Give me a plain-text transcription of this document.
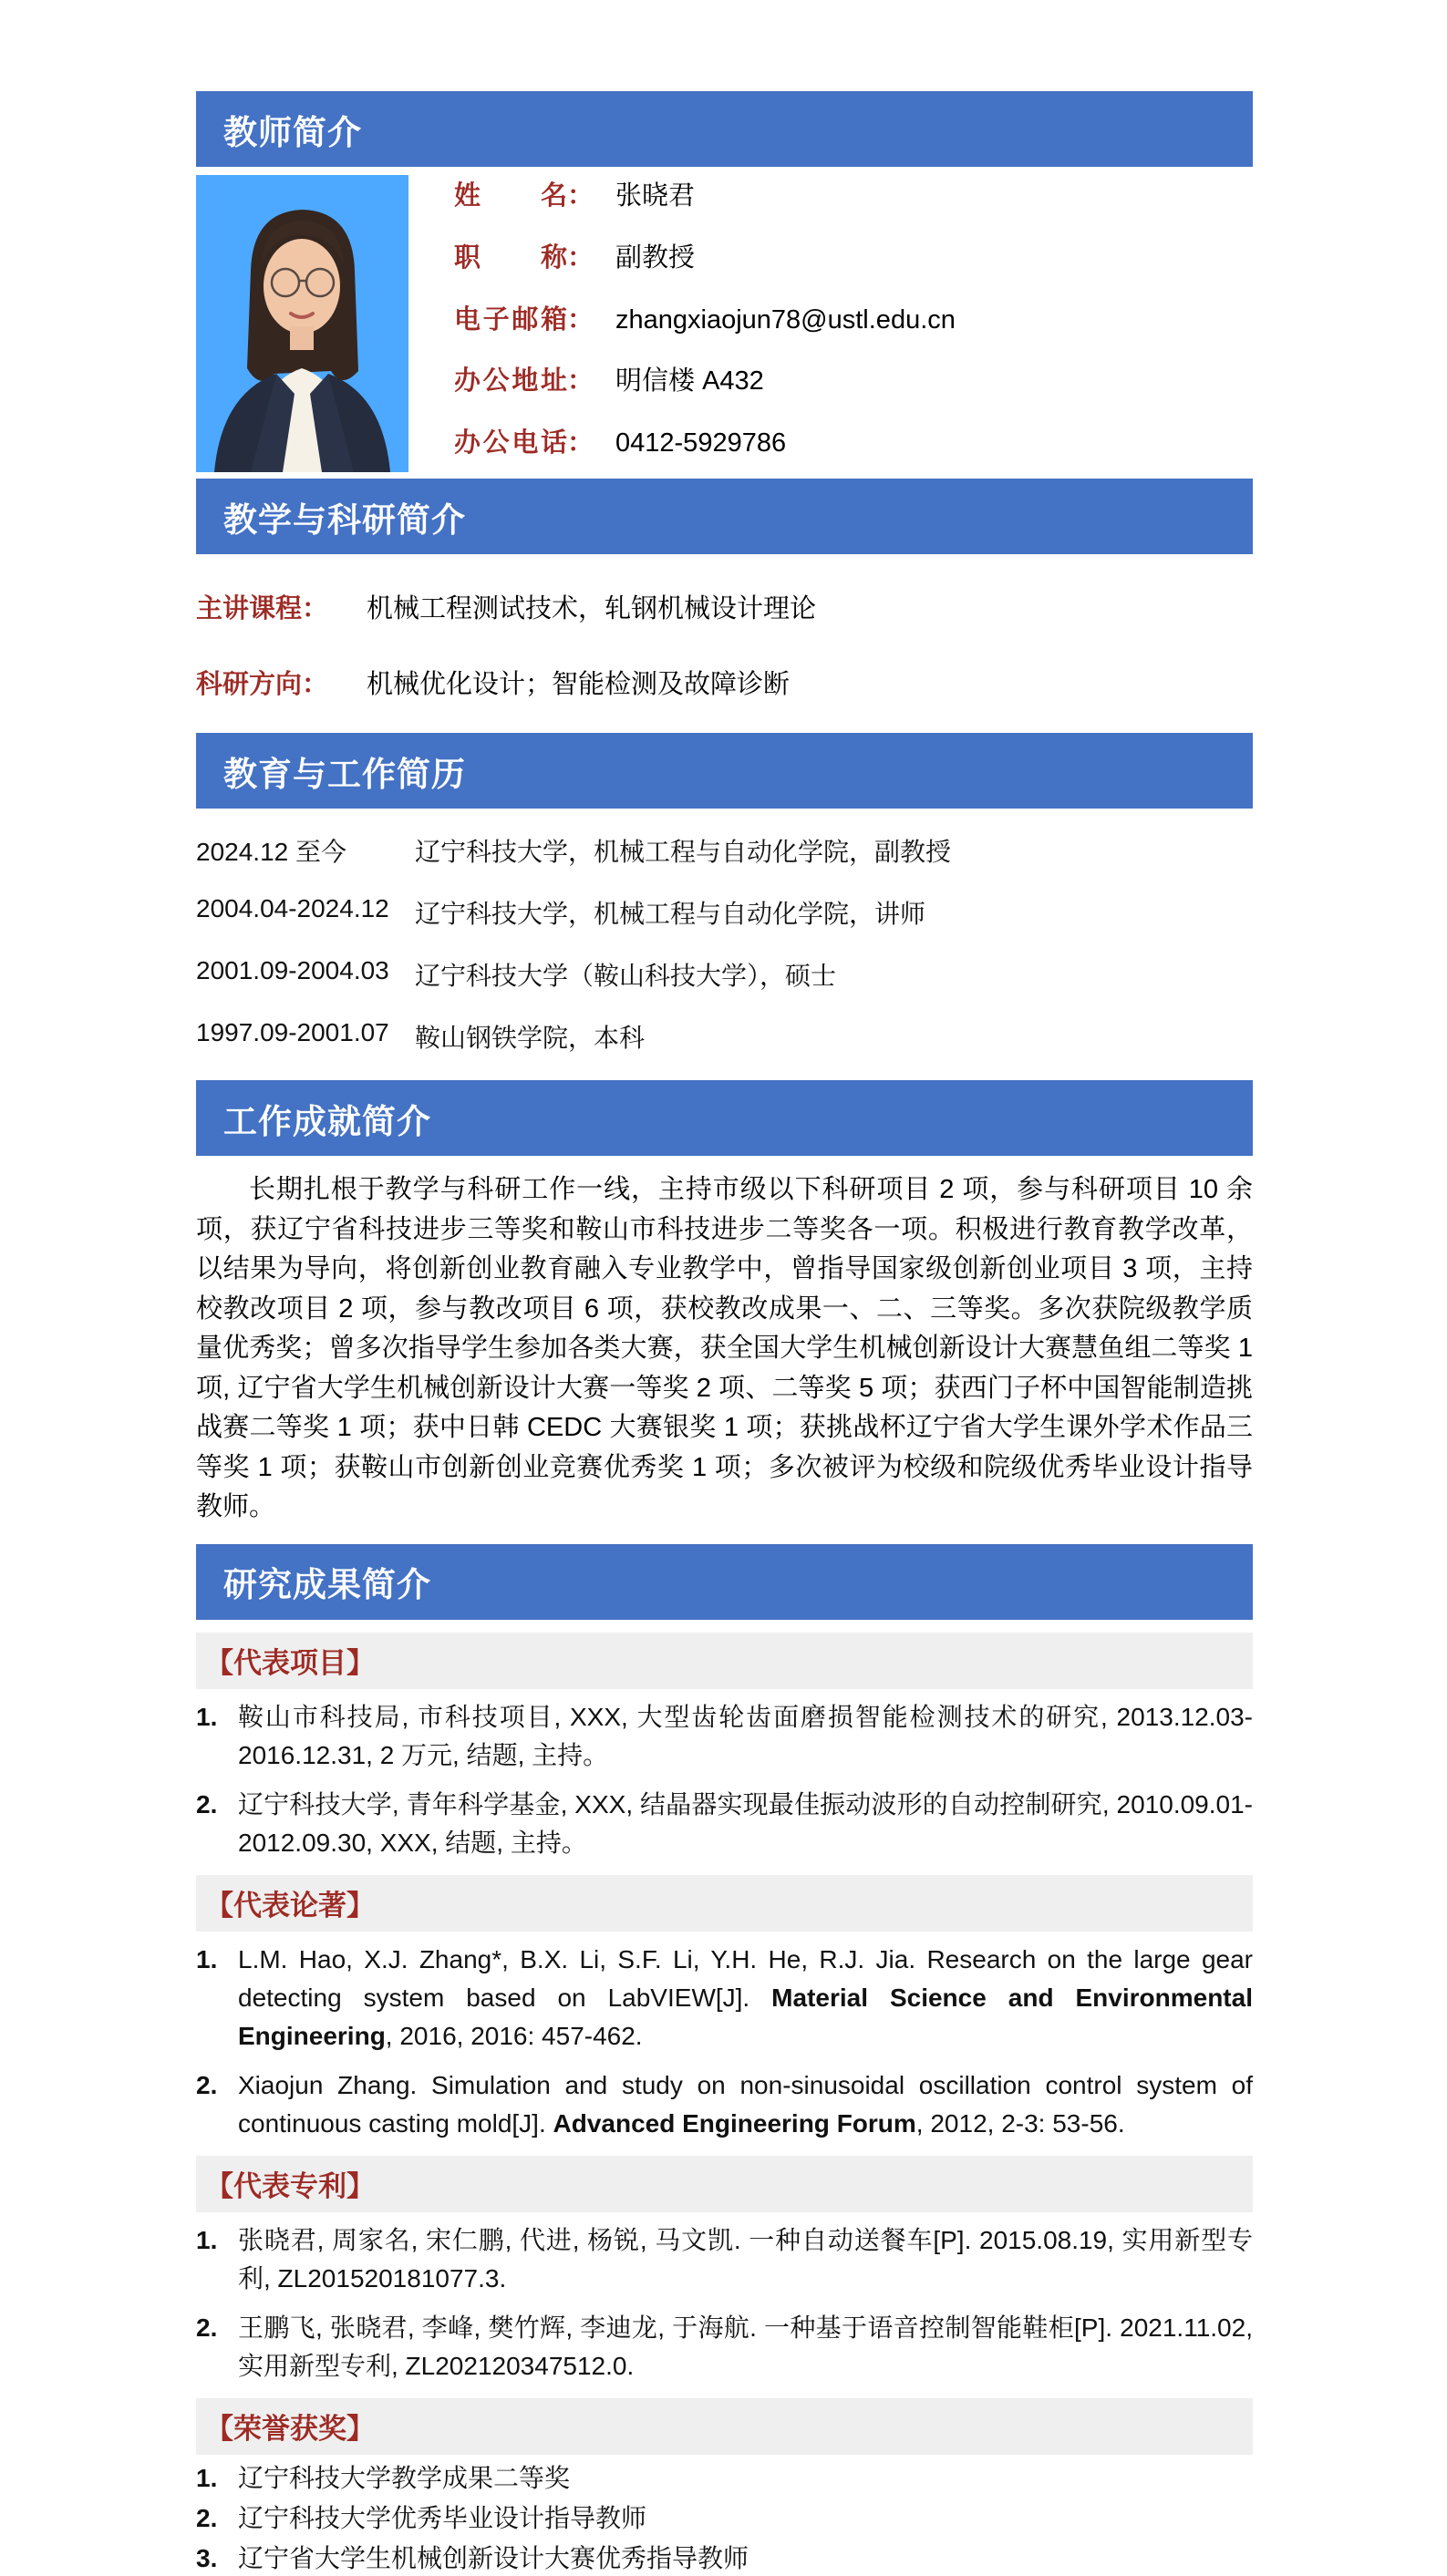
教师简介
姓名： 张晓君
职称： 副教授
电子邮箱： zhangxiaojun78@ustl.edu.cn
办公地址： 明信楼 A432
办公电话： 0412-5929786
教学与科研简介
主讲课程： 机械工程测试技术，轧钢机械设计理论
科研方向： 机械优化设计；智能检测及故障诊断
教育与工作简历
2024.12 至今	辽宁科技大学，机械工程与自动化学院，副教授
2004.04-2024.12	辽宁科技大学，机械工程与自动化学院，讲师
2001.09-2004.03	辽宁科技大学（鞍山科技大学），硕士
1997.09-2001.07	鞍山钢铁学院，本科
工作成就简介

长期扎根于教学与科研工作一线，主持市级以下科研项目 2 项，参与科研项目 10 余项，获辽宁省科技进步三等奖和鞍山市科技进步二等奖各一项。积极进行教育教学改革，以结果为导向，将创新创业教育融入专业教学中，曾指导国家级创新创业项目 3 项，主持校教改项目 2 项，参与教改项目 6 项，获校教改成果一、二、三等奖。多次获院级教学质量优秀奖；曾多次指导学生参加各类大赛，获全国大学生机械创新设计大赛慧鱼组二等奖 1 项, 辽宁省大学生机械创新设计大赛一等奖 2 项、二等奖 5 项；获西门子杯中国智能制造挑战赛二等奖 1 项；获中日韩 CEDC 大赛银奖 1 项；获挑战杯辽宁省大学生课外学术作品三等奖 1 项；获鞍山市创新创业竞赛优秀奖 1 项；多次被评为校级和院级优秀毕业设计指导教师。

研究成果简介
【代表项目】
1. 鞍山市科技局, 市科技项目, XXX, 大型齿轮齿面磨损智能检测技术的研究, 2013.12.03-2016.12.31, 2 万元, 结题, 主持。
2. 辽宁科技大学, 青年科学基金, XXX, 结晶器实现最佳振动波形的自动控制研究, 2010.09.01-2012.09.30, XXX, 结题, 主持。
【代表论著】
1. L.M. Hao, X.J. Zhang*, B.X. Li, S.F. Li, Y.H. He, R.J. Jia. Research on the large gear detecting system based on LabVIEW[J]. Material Science and Environmental Engineering, 2016, 2016: 457-462.
2. Xiaojun Zhang. Simulation and study on non-sinusoidal oscillation control system of continuous casting mold[J]. Advanced Engineering Forum, 2012, 2-3: 53-56.
【代表专利】
1. 张晓君, 周家名, 宋仁鹏, 代进, 杨锐, 马文凯. 一种自动送餐车[P]. 2015.08.19, 实用新型专利, ZL201520181077.3.
2. 王鹏飞, 张晓君, 李峰, 樊竹辉, 李迪龙, 于海航. 一种基于语音控制智能鞋柜[P]. 2021.11.02, 实用新型专利, ZL202120347512.0.
【荣誉获奖】
1. 辽宁科技大学教学成果二等奖
2. 辽宁科技大学优秀毕业设计指导教师
3. 辽宁省大学生机械创新设计大赛优秀指导教师
